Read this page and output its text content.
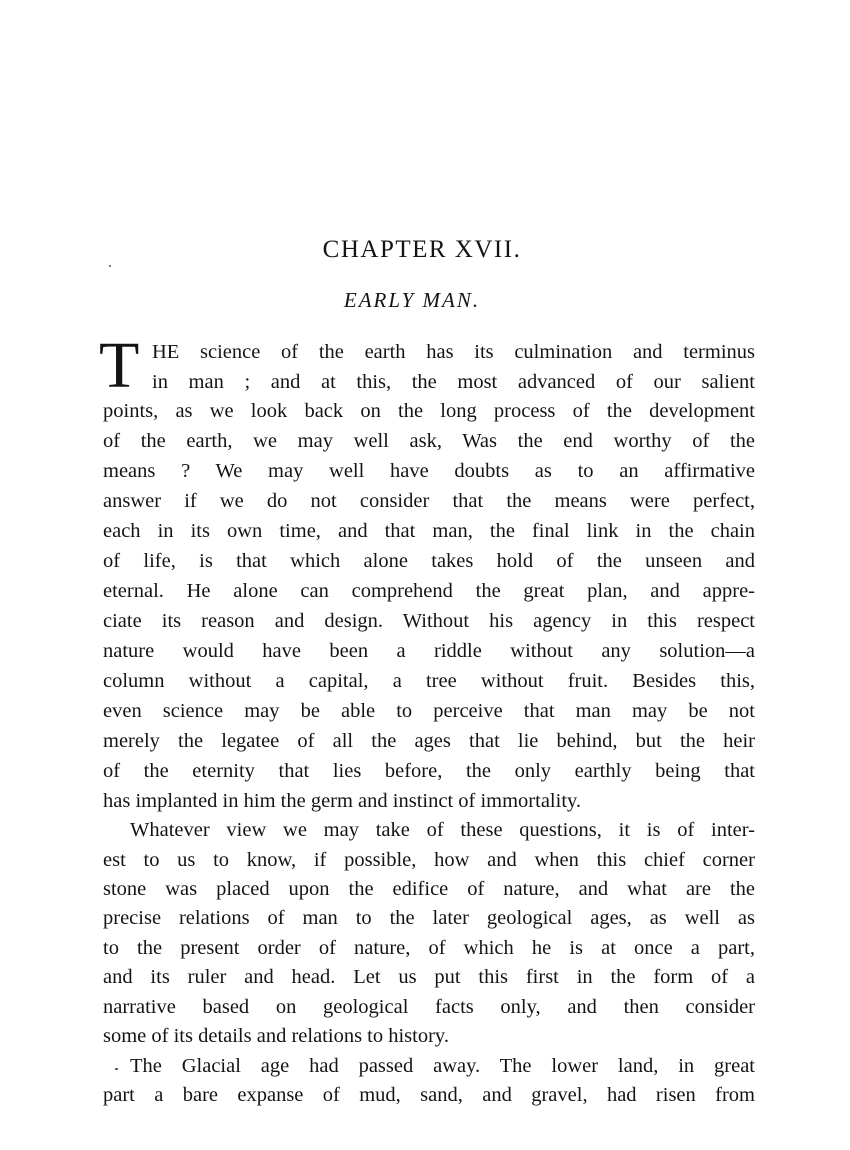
CHAPTER XVII.
EARLY MAN.
T HE science of the earth has its culmination and terminus
in man ; and at this, the most advanced of our salient
points, as we look back on the long process of the development
of the earth, we may well ask, Was the end worthy of the
means ? We may well have doubts as to an affirmative
answer if we do not consider that the means were perfect,
each in its own time, and that man, the final link in the chain
of life, is that which alone takes hold of the unseen and
eternal. He alone can comprehend the great plan, and appre-
ciate its reason and design. Without his agency in this respect
nature would have been a riddle without any solution—a
column without a capital, a tree without fruit. Besides this,
even science may be able to perceive that man may be not
merely the legatee of all the ages that lie behind, but the heir
of the eternity that lies before, the only earthly being that
has implanted in him the germ and instinct of immortality.
Whatever view we may take of these questions, it is of inter-
est to us to know, if possible, how and when this chief corner
stone was placed upon the edifice of nature, and what are the
precise relations of man to the later geological ages, as well as
to the present order of nature, of which he is at once a part,
and its ruler and head. Let us put this first in the form of a
narrative based on geological facts only, and then consider
some of its details and relations to history.
The Glacial age had passed away. The lower land, in great
part a bare expanse of mud, sand, and gravel, had risen from
